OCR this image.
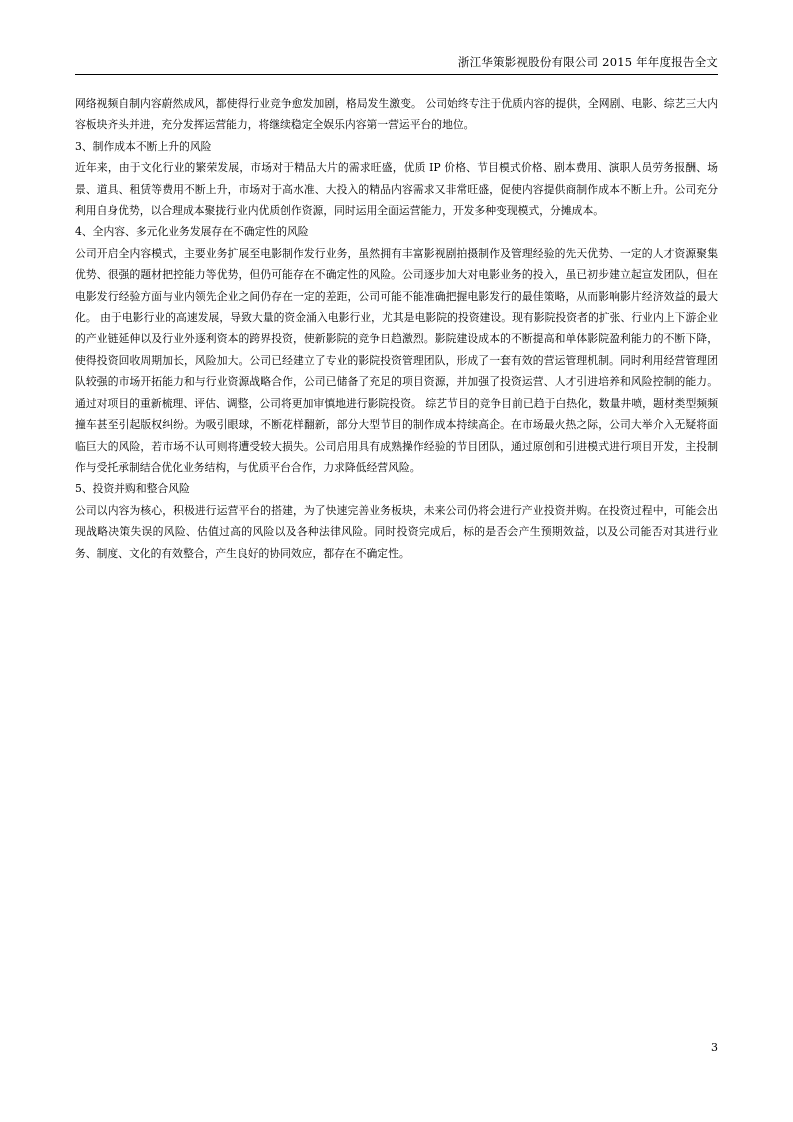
浙江华策影视股份有限公司 2015 年年度报告全文

网络视频自制内容蔚然成风，都使得行业竞争愈发加剧，格局发生激变。 公司始终专注于优质内容的提供，全网剧、电影、综艺三大内容板块齐头并进，充分发挥运营能力，将继续稳定全娱乐内容第一营运平台的地位。

3、制作成本不断上升的风险

近年来，由于文化行业的繁荣发展，市场对于精品大片的需求旺盛，优质 IP 价格、节目模式价格、剧本费用、演职人员劳务报酬、场景、道具、租赁等费用不断上升，市场对于高水准、大投入的精品内容需求又非常旺盛，促使内容提供商制作成本不断上升。公司充分利用自身优势，以合理成本聚拢行业内优质创作资源，同时运用全面运营能力，开发多种变现模式，分摊成本。

4、全内容、多元化业务发展存在不确定性的风险

公司开启全内容模式，主要业务扩展至电影制作发行业务，虽然拥有丰富影视剧拍摄制作及管理经验的先天优势、一定的人才资源聚集优势、很强的题材把控能力等优势，但仍可能存在不确定性的风险。公司逐步加大对电影业务的投入，虽已初步建立起宣发团队，但在电影发行经验方面与业内领先企业之间仍存在一定的差距，公司可能不能准确把握电影发行的最佳策略，从而影响影片经济效益的最大化。 由于电影行业的高速发展，导致大量的资金涌入电影行业，尤其是电影院的投资建设。现有影院投资者的扩张、行业内上下游企业的产业链延伸以及行业外逐利资本的跨界投资，使新影院的竞争日趋激烈。影院建设成本的不断提高和单体影院盈利能力的不断下降，使得投资回收周期加长，风险加大。公司已经建立了专业的影院投资管理团队，形成了一套有效的营运管理机制。同时利用经营管理团队较强的市场开拓能力和与行业资源战略合作，公司已储备了充足的项目资源，并加强了投资运营、人才引进培养和风险控制的能力。通过对项目的重新梳理、评估、调整，公司将更加审慎地进行影院投资。 综艺节目的竞争目前已趋于白热化，数量井喷，题材类型频频撞车甚至引起版权纠纷。为吸引眼球，不断花样翻新，部分大型节目的制作成本持续高企。在市场最火热之际，公司大举介入无疑将面临巨大的风险，若市场不认可则将遭受较大损失。公司启用具有成熟操作经验的节目团队，通过原创和引进模式进行项目开发，主投制作与受托承制结合优化业务结构，与优质平台合作，力求降低经营风险。

5、投资并购和整合风险

公司以内容为核心，积极进行运营平台的搭建，为了快速完善业务板块，未来公司仍将会进行产业投资并购。在投资过程中，可能会出现战略决策失误的风险、估值过高的风险以及各种法律风险。同时投资完成后，标的是否会产生预期效益，以及公司能否对其进行业务、制度、文化的有效整合，产生良好的协同效应，都存在不确定性。

3
